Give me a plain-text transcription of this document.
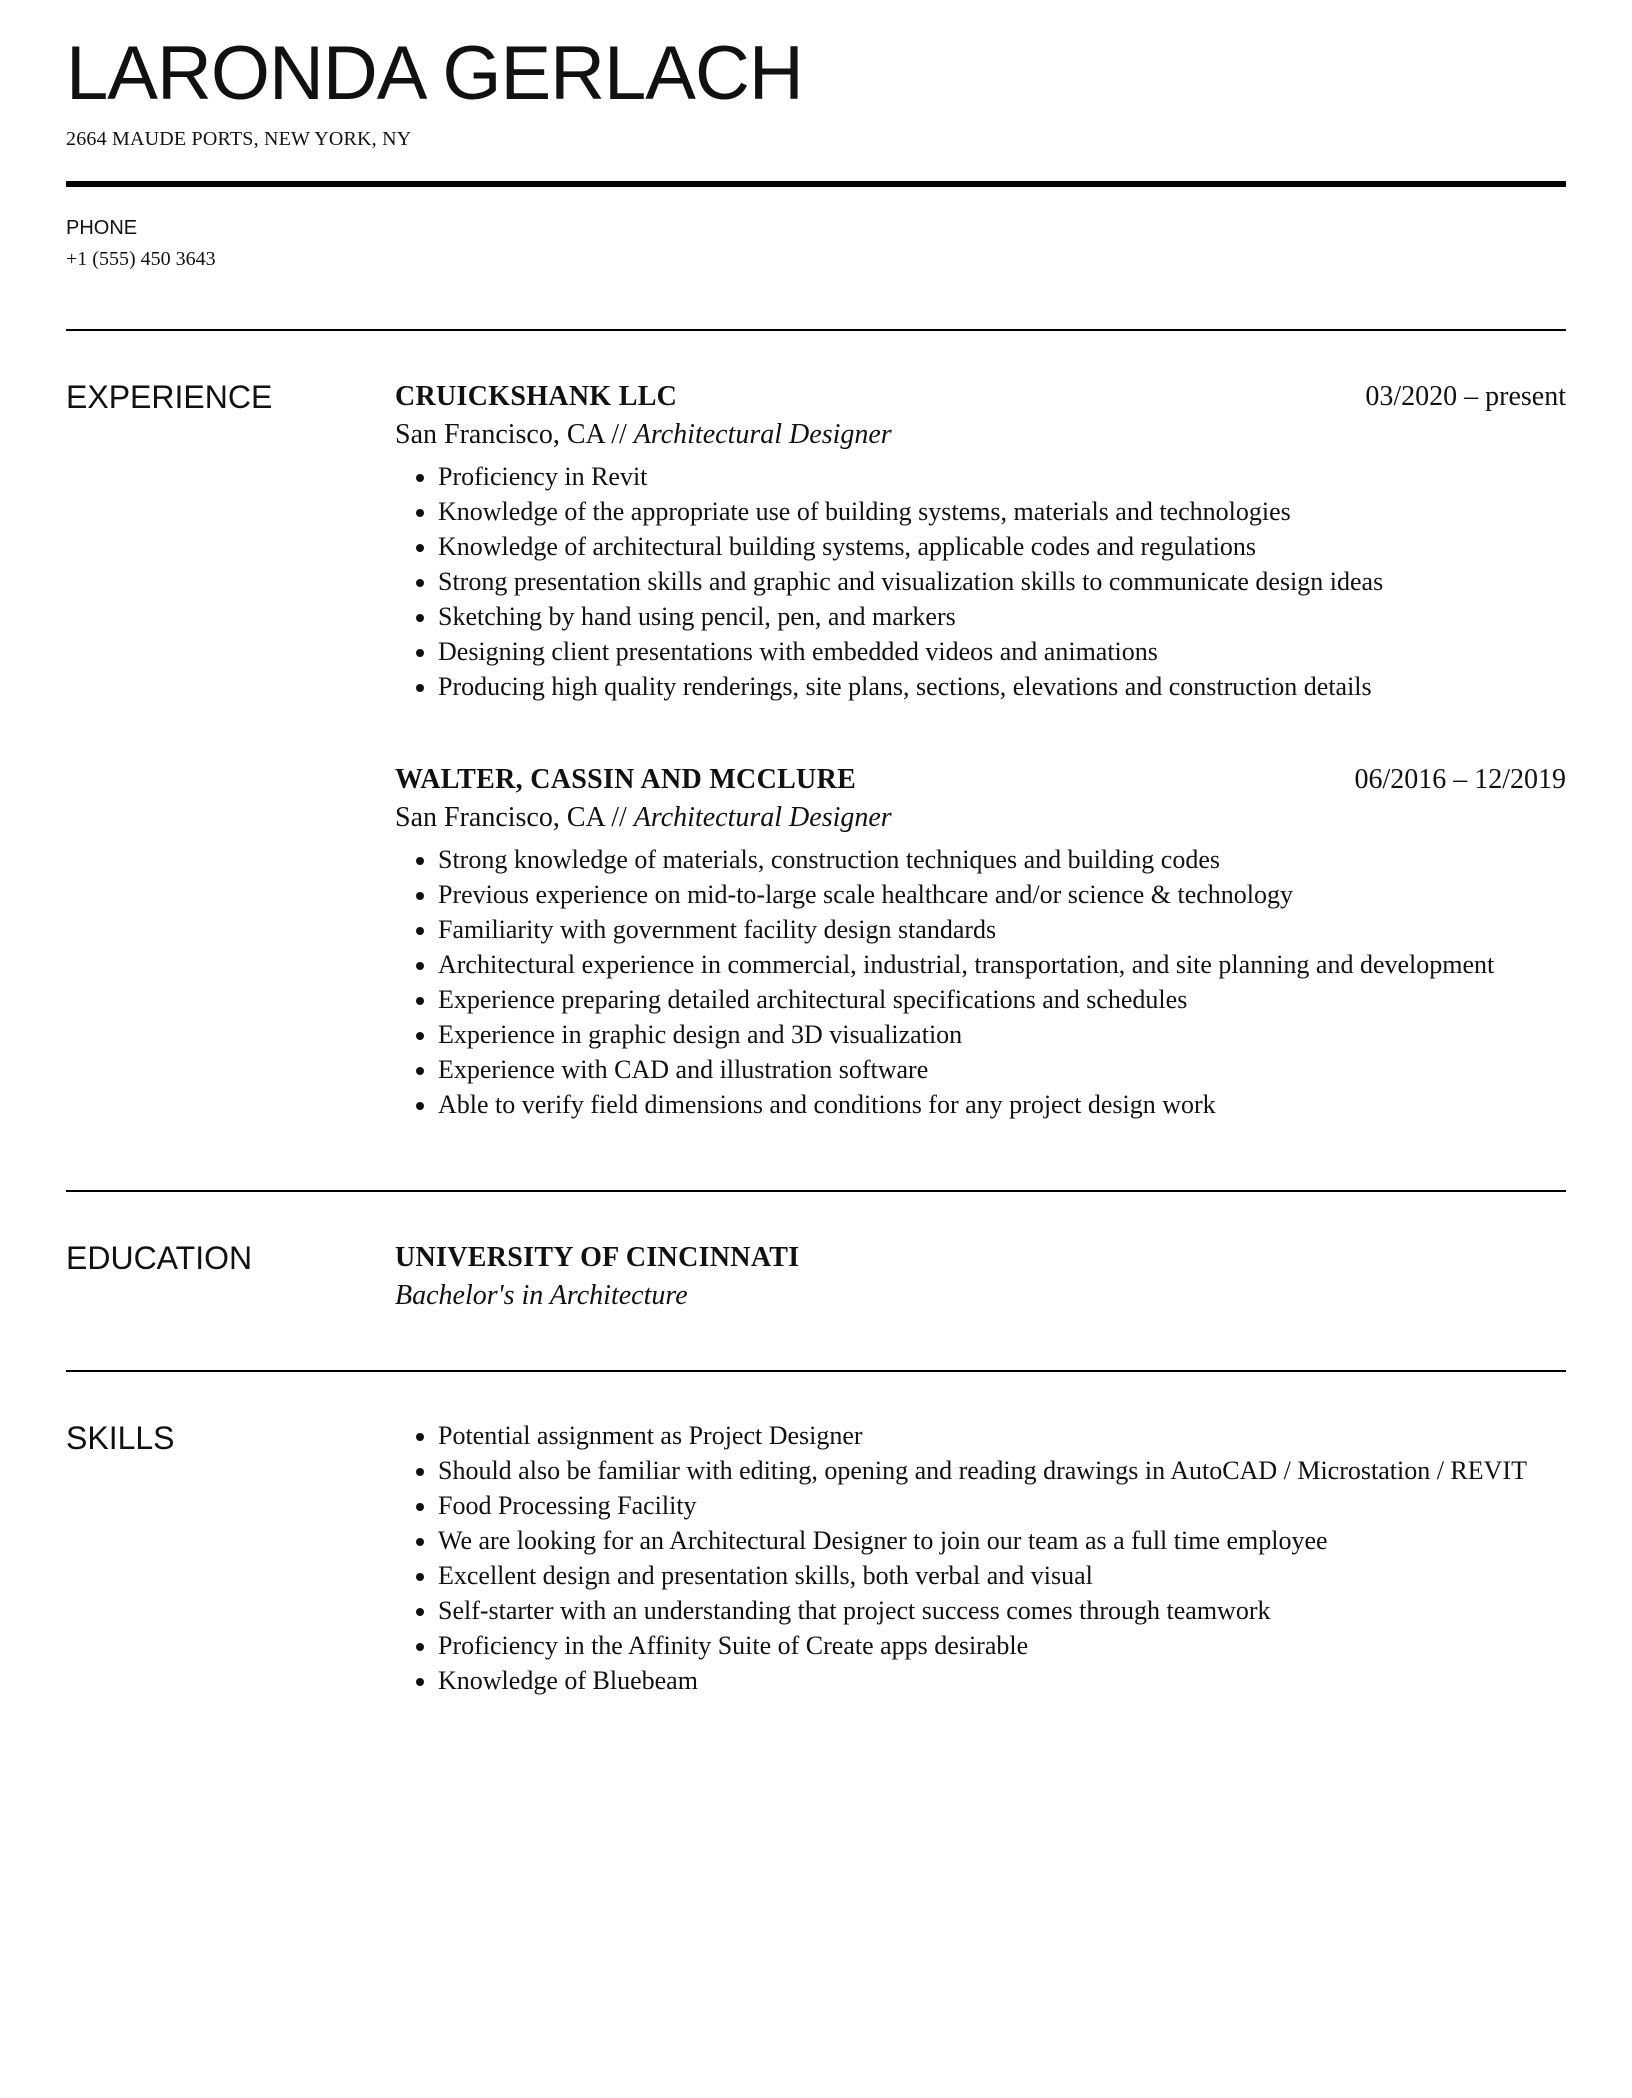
LARONDA GERLACH
2664 MAUDE PORTS, NEW YORK, NY
PHONE
+1 (555) 450 3643
EXPERIENCE	CRUICKSHANK LLC	03/2020 – present
San Francisco, CA // Architectural Designer
• Proficiency in Revit
• Knowledge of the appropriate use of building systems, materials and technologies
• Knowledge of architectural building systems, applicable codes and regulations
• Strong presentation skills and graphic and visualization skills to communicate design ideas
• Sketching by hand using pencil, pen, and markers
• Designing client presentations with embedded videos and animations
• Producing high quality renderings, site plans, sections, elevations and construction details
WALTER, CASSIN AND MCCLURE	06/2016 – 12/2019
San Francisco, CA // Architectural Designer
• Strong knowledge of materials, construction techniques and building codes
• Previous experience on mid-to-large scale healthcare and/or science & technology
• Familiarity with government facility design standards
• Architectural experience in commercial, industrial, transportation, and site planning and development
• Experience preparing detailed architectural specifications and schedules
• Experience in graphic design and 3D visualization
• Experience with CAD and illustration software
• Able to verify field dimensions and conditions for any project design work
EDUCATION	UNIVERSITY OF CINCINNATI
Bachelor's in Architecture
SKILLS
•	Potential assignment as Project Designer
• Should also be familiar with editing, opening and reading drawings in AutoCAD / Microstation / REVIT
• Food Processing Facility
• We are looking for an Architectural Designer to join our team as a full time employee
• Excellent design and presentation skills, both verbal and visual
• Self-starter with an understanding that project success comes through teamwork
• Proficiency in the Affinity Suite of Create apps desirable
• Knowledge of Bluebeam
